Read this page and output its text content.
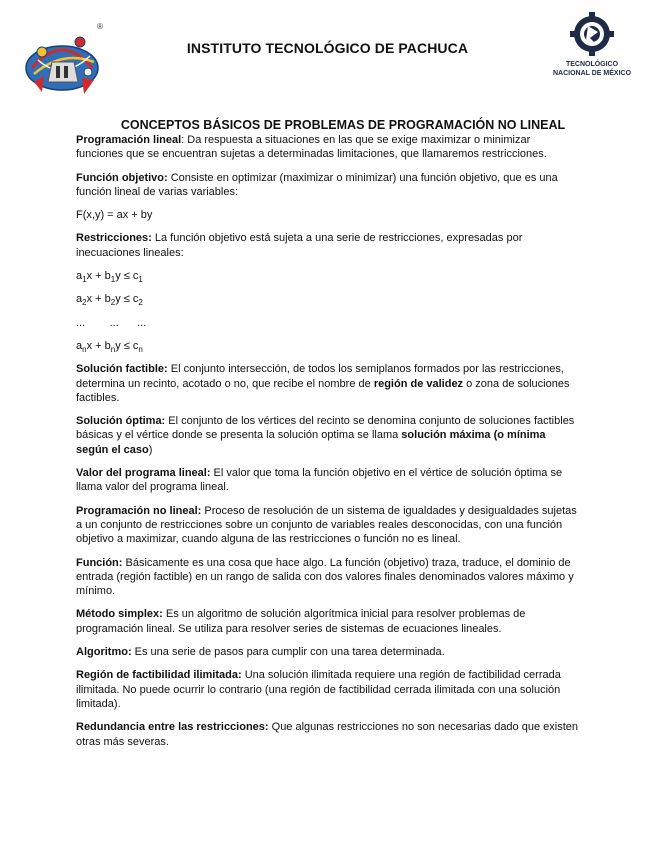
®
INSTITUTO TECNOLÓGICO DE PACHUCA
TECNOLÓGICO
NACIONAL DE MÉXICO
CONCEPTOS BÁSICOS DE PROBLEMAS DE PROGRAMACIÓN NO LINEAL

Programación lineal: Da respuesta a situaciones en las que se exige maximizar o minimizar funciones que se encuentran sujetas a determinadas limitaciones, que llamaremos restricciones.

Función objetivo: Consiste en optimizar (maximizar o minimizar) una función objetivo, que es una función lineal de varias variables:

F(x,y) = ax + by

Restricciones: La función objetivo está sujeta a una serie de restricciones, expresadas por inecuaciones lineales:

$a_1x + b_1y \le c_1$
$a_2x + b_2y \le c_2$
...        ...      ...
$a_nx + b_ny \le c_n$

Solución factible: El conjunto intersección, de todos los semiplanos formados por las restricciones, determina un recinto, acotado o no, que recibe el nombre de región de validez o zona de soluciones factibles.

Solución óptima: El conjunto de los vértices del recinto se denomina conjunto de soluciones factibles básicas y el vértice donde se presenta la solución optima se llama solución máxima (o mínima según el caso)

Valor del programa lineal: El valor que toma la función objetivo en el vértice de solución óptima se llama valor del programa lineal.

Programación no lineal: Proceso de resolución de un sistema de igualdades y desigualdades sujetas a un conjunto de restricciones sobre un conjunto de variables reales desconocidas, con una función objetivo a maximizar, cuando alguna de las restricciones o función no es lineal.

Función: Básicamente es una cosa que hace algo. La función (objetivo) traza, traduce, el dominio de entrada (región factible) en un rango de salida con dos valores finales denominados valores máximo y mínimo.

Método simplex: Es un algoritmo de solución algorítmica inicial para resolver problemas de programación lineal. Se utiliza para resolver series de sistemas de ecuaciones lineales.

Algoritmo: Es una serie de pasos para cumplir con una tarea determinada.

Región de factibilidad ilimitada: Una solución ilimitada requiere una región de factibilidad cerrada ilimitada. No puede ocurrir lo contrario (una región de factibilidad cerrada ilimitada con una solución limitada).

Redundancia entre las restricciones: Que algunas restricciones no son necesarias dado que existen otras más severas.
